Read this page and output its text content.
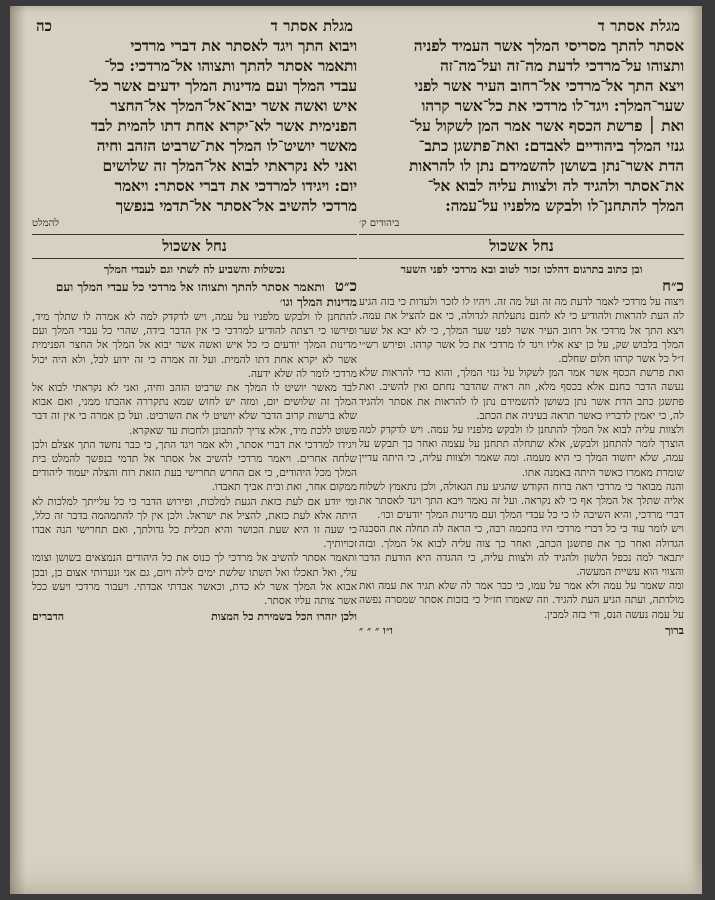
מגלת אסתר ד
אסתר להתך מסריסי המלך אשר העמיד לפניה
ותצוהו על־מרדכי לדעת מה־זה ועל־מה־זה
ויצא התך אל־מרדכי אל־רחוב העיר אשר לפני
שער־המלך: ויגד־לו מרדכי את כל־אשר קרהו
ואת ׀ פרשת הכסף אשר אמר המן לשקול על־
גנזי המלך ביהודיים לאבדם: ואת־פתשגן כתב־
הדת אשר־נתן בשושן להשמידם נתן לו להראות
את־אסתר ולהגיד לה ולצוות עליה לבוא אל־
המלך להתחנן־לו ולבקש מלפניו על־עמה:
ביהודים ק׳
נחל אשכול
ובן כתוב בתרגום דהלכו זכור לטוב ובא מרדכי לפני השער
כ״ח

ויצוה על מרדכי לאמר לדעת מה זה ועל מה זה. ויהיו לו לזכר ולעדות כי בזה הגיע לה העת להראות ולהודיע כי לא לחנם נתעלתה לגדולה, כי אם להציל את עמה. ויצא התך אל מרדכי אל רחוב העיר אשר לפני שער המלך, כי לא יבא אל שער המלך בלבוש שק, על כן יצא אליו ויגד לו מרדכי את כל אשר קרהו. ופירש רש״י ז״ל כל אשר קרהו חלום שחלם.

ואת פרשת הכסף אשר אמר המן לשקול על גנזי המלך, והוא כדי להראות שלא נעשה הדבר בחנם אלא בכסף מלא, וזה ראיה שהדבר נחתם ואין להשיב. ואת פתשגן כתב הדת אשר נתן בשושן להשמידם נתן לו להראות את אסתר ולהגיד לה, כי יאמין לדבריו כאשר תראה בעיניה את הכתב.

ולצוות עליה לבוא אל המלך להתחנן לו ולבקש מלפניו על עמה. ויש לדקדק למה הוצרך לומר להתחנן ולבקש, אלא שתחלה תתחנן על עצמה ואחר כך תבקש על עמה, שלא יחשוד המלך כי היא מעמה. ומה שאמר ולצוות עליה, כי היתה עדיין שומרת מאמרו כאשר היתה באמנה אתו.

והנה מבואר כי מרדכי ראה ברוח הקודש שהגיע עת הגאולה, ולכן נתאמץ לשלוח אליה שתלך אל המלך אף כי לא נקראה. ועל זה נאמר ויבא התך ויגד לאסתר את דברי מרדכי, והיא השיבה לו כי כל עבדי המלך ועם מדינות המלך יודעים וכו׳.

ויש לומר עוד כי כל דברי מרדכי היו בחכמה רבה, כי הראה לה תחלה את הסכנה הגדולה ואחר כך את פתשגן הכתב, ואחר כך צוה עליה לבוא אל המלך. ובזה יתבאר למה נכפל הלשון ולהגיד לה ולצוות עליה, כי ההגדה היא הודעת הדבר והצווי הוא עשיית המעשה.

ומה שאמר על עמה ולא אמר על עמו, כי כבר אמר לה שלא תגיד את עמה ואת מולדתה, ועתה הגיע העת להגיד. וזה שאמרו חז״ל כי בזכות אסתר שמסרה נפשה על עמה נעשה הנס, ודי בזה למבין.

ברוך
ו״ו ״ ״ ״
מגלת אסתר ד
כה
ויבוא התך ויגד לאסתר את דברי מרדכי
ותאמר אסתר להתך ותצוהו אל־מרדכי: כל־
עבדי המלך ועם מדינות המלך ידעים אשר כל־
איש ואשה אשר יבוא־אל־המלך אל־החצר
הפנימית אשר לא־יקרא אחת דתו להמית לבד
מאשר יושיט־לו המלך את־שרביט הזהב וחיה
ואני לא נקראתי לבוא אל־המלך זה שלושים
יום: ויגידו למרדכי את דברי אסתר: ויאמר
מרדכי להשיב אל־אסתר אל־תדמי בנפשך
להמלט
נחל אשכול
נכשלות והשביע לה לשתי וגם לעבדי המלך
כ״ט ותאמר אסתר להתך ותצוהו אל מרדכי כל עבדי המלך ועם מדינות המלך וגו׳

להתחנן לו ולבקש מלפניו על עמה, ויש לדקדק למה לא אמרה לו שתלך מיד, ופירשו כי רצתה להודיע למרדכי כי אין הדבר בידה, שהרי כל עבדי המלך ועם מדינות המלך יודעים כי כל איש ואשה אשר יבוא אל המלך אל החצר הפנימית אשר לא יקרא אחת דתו להמית. ועל זה אמרה כי זה ידוע לכל, ולא היה יכול מרדכי לומר לה שלא ידעה.

לבד מאשר יושיט לו המלך את שרביט הזהב וחיה, ואני לא נקראתי לבוא אל המלך זה שלושים יום, ומזה יש לחוש שמא נתקררה אהבתו ממני, ואם אבוא שלא ברשות קרוב הדבר שלא יושיט לי את השרביט. ועל כן אמרה כי אין זה דבר פשוט ללכת מיד, אלא צריך להתבונן ולחכות עד שאקרא.

ויגידו למרדכי את דברי אסתר, ולא אמר ויגד התך, כי כבר נחשד התך אצלם ולכן שלחה אחרים. ויאמר מרדכי להשיב אל אסתר אל תדמי בנפשך להמלט בית המלך מכל היהודים, כי אם החרש תחרישי בעת הזאת רוח והצלה יעמוד ליהודים ממקום אחר, ואת ובית אביך תאבדו.

ומי יודע אם לעת כזאת הגעת למלכות, ופירוש הדבר כי כל עלייתך למלכות לא היתה אלא לעת כזאת, להציל את ישראל. ולכן אין לך להתמהמה בדבר זה כלל, כי שעה זו היא שעת הכושר והיא תכלית כל גדולתך, ואם תחרישי הנה אבדו זכויותיך.

ותאמר אסתר להשיב אל מרדכי לך כנוס את כל היהודים הנמצאים בשושן וצומו עלי, ואל תאכלו ואל תשתו שלשת ימים לילה ויום, גם אני ונערותי אצום כן, ובכן אבוא אל המלך אשר לא כדת, וכאשר אבדתי אבדתי. ויעבור מרדכי ויעש ככל אשר צותה עליו אסתר.

ולכן יזהרו הכל בשמירת כל המצות
הדברים
